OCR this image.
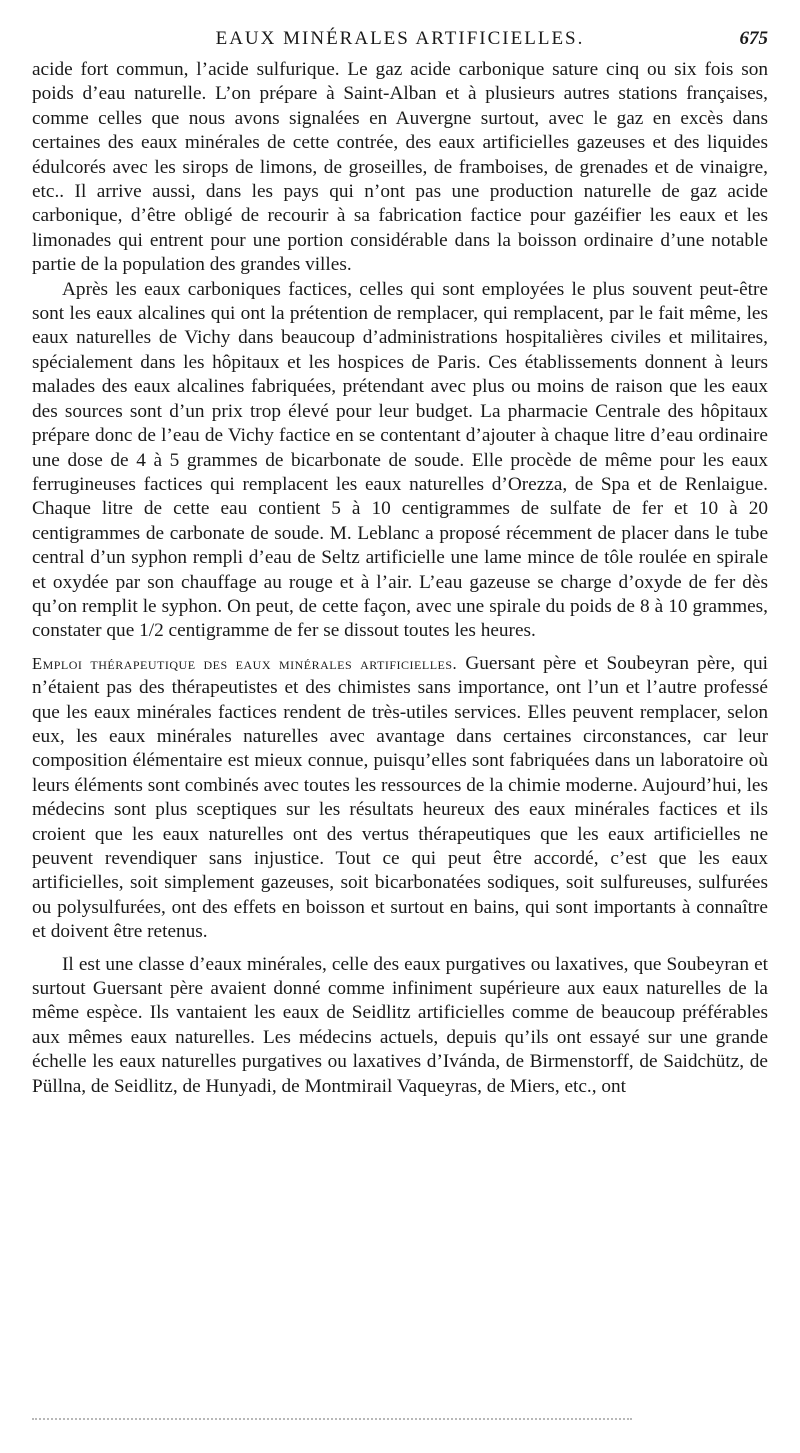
EAUX MINÉRALES ARTIFICIELLES.	675

acide fort commun, l’acide sulfurique. Le gaz acide carbonique sature cinq ou six fois son poids d’eau naturelle. L’on prépare à Saint-Alban et à plusieurs autres stations françaises, comme celles que nous avons signalées en Auvergne surtout, avec le gaz en excès dans certaines des eaux minérales de cette contrée, des eaux artificielles gazeuses et des liquides édulcorés avec les sirops de limons, de groseilles, de framboises, de grenades et de vinaigre, etc.. Il arrive aussi, dans les pays qui n’ont pas une production naturelle de gaz acide carbonique, d’être obligé de recourir à sa fabrication factice pour gazéifier les eaux et les limonades qui entrent pour une portion considérable dans la boisson ordinaire d’une notable partie de la population des grandes villes.

Après les eaux carboniques factices, celles qui sont employées le plus souvent peut-être sont les eaux alcalines qui ont la prétention de remplacer, qui remplacent, par le fait même, les eaux naturelles de Vichy dans beaucoup d’administrations hospitalières civiles et militaires, spécialement dans les hôpitaux et les hospices de Paris. Ces établissements donnent à leurs malades des eaux alcalines fabriquées, prétendant avec plus ou moins de raison que les eaux des sources sont d’un prix trop élevé pour leur budget. La pharmacie Centrale des hôpitaux prépare donc de l’eau de Vichy factice en se contentant d’ajouter à chaque litre d’eau ordinaire une dose de 4 à 5 grammes de bicarbonate de soude. Elle procède de même pour les eaux ferrugineuses factices qui remplacent les eaux naturelles d’Orezza, de Spa et de Renlaigue. Chaque litre de cette eau contient 5 à 10 centigrammes de sulfate de fer et 10 à 20 centigrammes de carbonate de soude. M. Leblanc a proposé récemment de placer dans le tube central d’un syphon rempli d’eau de Seltz artificielle une lame mince de tôle roulée en spirale et oxydée par son chauffage au rouge et à l’air. L’eau gazeuse se charge d’oxyde de fer dès qu’on remplit le syphon. On peut, de cette façon, avec une spirale du poids de 8 à 10 grammes, constater que 1/2 centigramme de fer se dissout toutes les heures.

Emploi thérapeutique des eaux minérales artificielles. Guersant père et Soubeyran père, qui n’étaient pas des thérapeutistes et des chimistes sans importance, ont l’un et l’autre professé que les eaux minérales factices rendent de très-utiles services. Elles peuvent remplacer, selon eux, les eaux minérales naturelles avec avantage dans certaines circonstances, car leur composition élémentaire est mieux connue, puisqu’elles sont fabriquées dans un laboratoire où leurs éléments sont combinés avec toutes les ressources de la chimie moderne. Aujourd’hui, les médecins sont plus sceptiques sur les résultats heureux des eaux minérales factices et ils croient que les eaux naturelles ont des vertus thérapeutiques que les eaux artificielles ne peuvent revendiquer sans injustice. Tout ce qui peut être accordé, c’est que les eaux artificielles, soit simplement gazeuses, soit bicarbonatées sodiques, soit sulfureuses, sulfurées ou polysulfurées, ont des effets en boisson et surtout en bains, qui sont importants à connaître et doivent être retenus.

Il est une classe d’eaux minérales, celle des eaux purgatives ou laxatives, que Soubeyran et surtout Guersant père avaient donné comme infiniment supérieure aux eaux naturelles de la même espèce. Ils vantaient les eaux de Seidlitz artificielles comme de beaucoup préférables aux mêmes eaux naturelles. Les médecins actuels, depuis qu’ils ont essayé sur une grande échelle les eaux naturelles purgatives ou laxatives d’Ivánda, de Birmenstorff, de Saidchütz, de Püllna, de Seidlitz, de Hunyadi, de Montmirail Vaqueyras, de Miers, etc., ont
